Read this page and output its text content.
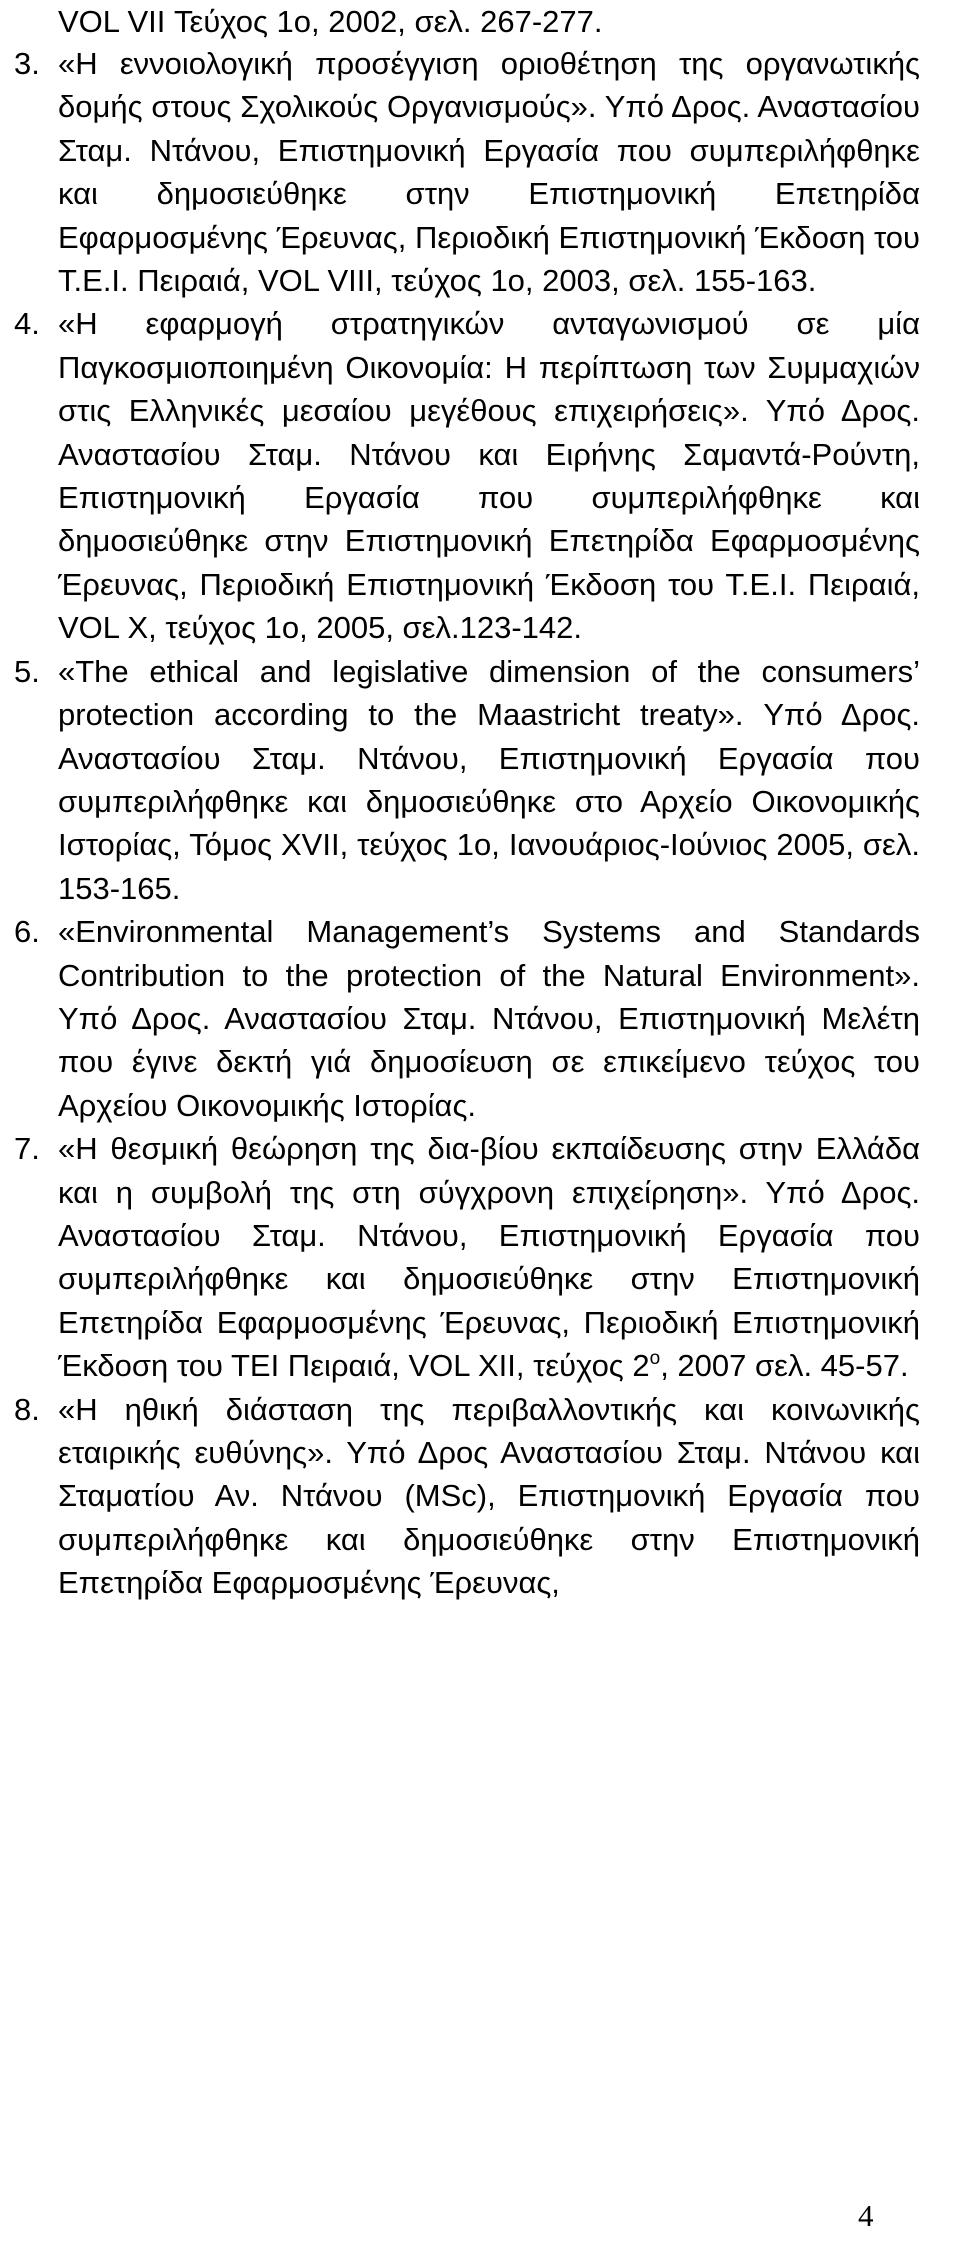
VOL VII Τεύχος 1ο, 2002, σελ. 267-277.

3. «Η εννοιολογική προσέγγιση οριοθέτηση της οργανωτικής δομής στους Σχολικούς Οργανισμούς». Υπό Δρος. Αναστασίου Σταμ. Ντάνου, Επιστημονική Εργασία που συμπεριλήφθηκε και δημοσιεύθηκε στην Επιστημονική Επετηρίδα Εφαρμοσμένης Έρευνας, Περιοδική Επιστημονική Έκδοση του Τ.Ε.Ι. Πειραιά, VOL VIII, τεύχος 1ο, 2003, σελ. 155-163.
4. «Η εφαρμογή στρατηγικών ανταγωνισμού σε μία Παγκοσμιοποιημένη Οικονομία: Η περίπτωση των Συμμαχιών στις Ελληνικές μεσαίου μεγέθους επιχειρήσεις». Υπό Δρος. Αναστασίου Σταμ. Ντάνου και Ειρήνης Σαμαντά-Ρούντη, Επιστημονική Εργασία που συμπεριλήφθηκε και δημοσιεύθηκε στην Επιστημονική Επετηρίδα Εφαρμοσμένης Έρευνας, Περιοδική Επιστημονική Έκδοση του Τ.Ε.Ι. Πειραιά, VOL X, τεύχος 1ο, 2005, σελ.123-142.
5. «The ethical and legislative dimension of the consumers’ protection according to the Maastricht treaty». Υπό Δρος. Αναστασίου Σταμ. Ντάνου, Επιστημονική Εργασία που συμπεριλήφθηκε και δημοσιεύθηκε στο Αρχείο Οικονομικής Ιστορίας, Τόμος XVII, τεύχος 1ο, Ιανουάριος-Ιούνιος 2005, σελ. 153-165.
6. «Environmental Management’s Systems and Standards Contribution to the protection of the Natural Environment». Υπό Δρος. Αναστασίου Σταμ. Ντάνου, Επιστημονική Μελέτη που έγινε δεκτή γιά δημοσίευση σε επικείμενο τεύχος του Αρχείου Οικονομικής Ιστορίας.
7. «Η θεσμική θεώρηση της δια-βίου εκπαίδευσης στην Ελλάδα και η συμβολή της στη σύγχρονη επιχείρηση». Υπό Δρος. Αναστασίου Σταμ. Ντάνου, Επιστημονική Εργασία που συμπεριλήφθηκε και δημοσιεύθηκε στην Επιστημονική Επετηρίδα Εφαρμοσμένης Έρευνας, Περιοδική Επιστημονική Έκδοση του ΤΕΙ Πειραιά, VOL XII, τεύχος $2^o$, 2007 σελ. 45-57.
8. «Η ηθική διάσταση της περιβαλλοντικής και κοινωνικής εταιρικής ευθύνης». Υπό Δρος Αναστασίου Σταμ. Ντάνου και Σταματίου Αν. Ντάνου (MSc), Επιστημονική Εργασία που συμπεριλήφθηκε και δημοσιεύθηκε στην Επιστημονική Επετηρίδα Εφαρμοσμένης Έρευνας,
4
